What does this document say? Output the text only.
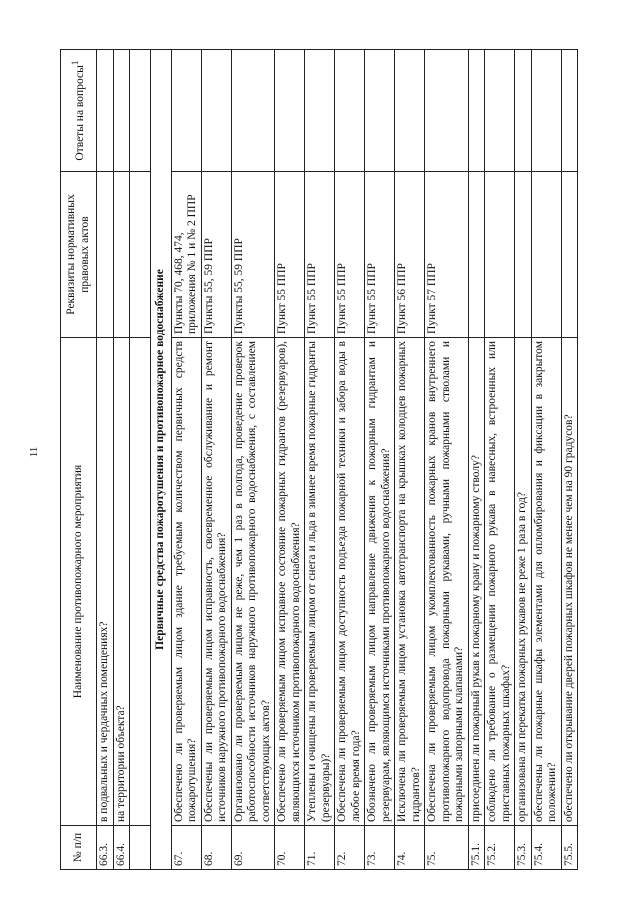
11
№ п/п	Наименование противопожарного мероприятия	Реквизиты нормативных правовых актов	Ответы на вопросы$^1$
66.3.	в подвальных и чердачных помещениях?		
66.4.	на территории объекта?		

Первичные средства пожаротушения и противопожарное водоснабжение			
67.	Обеспечено ли проверяемым лицом здание требуемым количеством первичных средств пожаротушения?	Пункты 70, 468, 474, приложения № 1 и № 2 ППР	
68.	Обеспечены ли проверяемым лицом исправность, своевременное обслуживание и ремонт источников наружного противопожарного водоснабжения?	Пункты 55, 59 ППР	
69.	Организовано ли проверяемым лицом не реже, чем 1 раз в полгода, проведение проверок работоспособности источников наружного противопожарного водоснабжения, с составлением соответствующих актов?	Пункты 55, 59 ППР	
70.	Обеспечено ли проверяемым лицом исправное состояние пожарных гидрантов (резервуаров), являющихся источником противопожарного водоснабжения?	Пункт 55 ППР	
71.	Утеплены и очищены ли проверяемым лицом от снега и льда в зимнее время пожарные гидранты (резервуары)?	Пункт 55 ППР	
72.	Обеспечена ли проверяемым лицом доступность подъезда пожарной техники и забора воды в любое время года?	Пункт 55 ППР	
73.	Обозначено ли проверяемым лицом направление движения к пожарным гидрантам и резервуарам, являющимся источниками противопожарного водоснабжения?	Пункт 55 ППР	
74.	Исключена ли проверяемым лицом установка автотранспорта на крышках колодцев пожарных гидрантов?	Пункт 56 ППР	
75.	Обеспечена ли проверяемым лицом укомплектованность пожарных кранов внутреннего противопожарного водопровода пожарными рукавами, ручными пожарными стволами и пожарными запорными клапанами?	Пункт 57 ППР	
75.1.	присоединен ли пожарный рукав к пожарному крану и пожарному стволу?		
75.2.	соблюдено ли требование о размещении пожарного рукава в навесных, встроенных или приставных пожарных шкафах?		
75.3.	организована ли перекатка пожарных рукавов не реже 1 раза в год?		
75.4.	обеспечены ли пожарные шкафы элементами для опломбирования и фиксации в закрытом положении?		
75.5.	обеспечено ли открывание дверей пожарных шкафов не менее чем на 90 градусов?		
